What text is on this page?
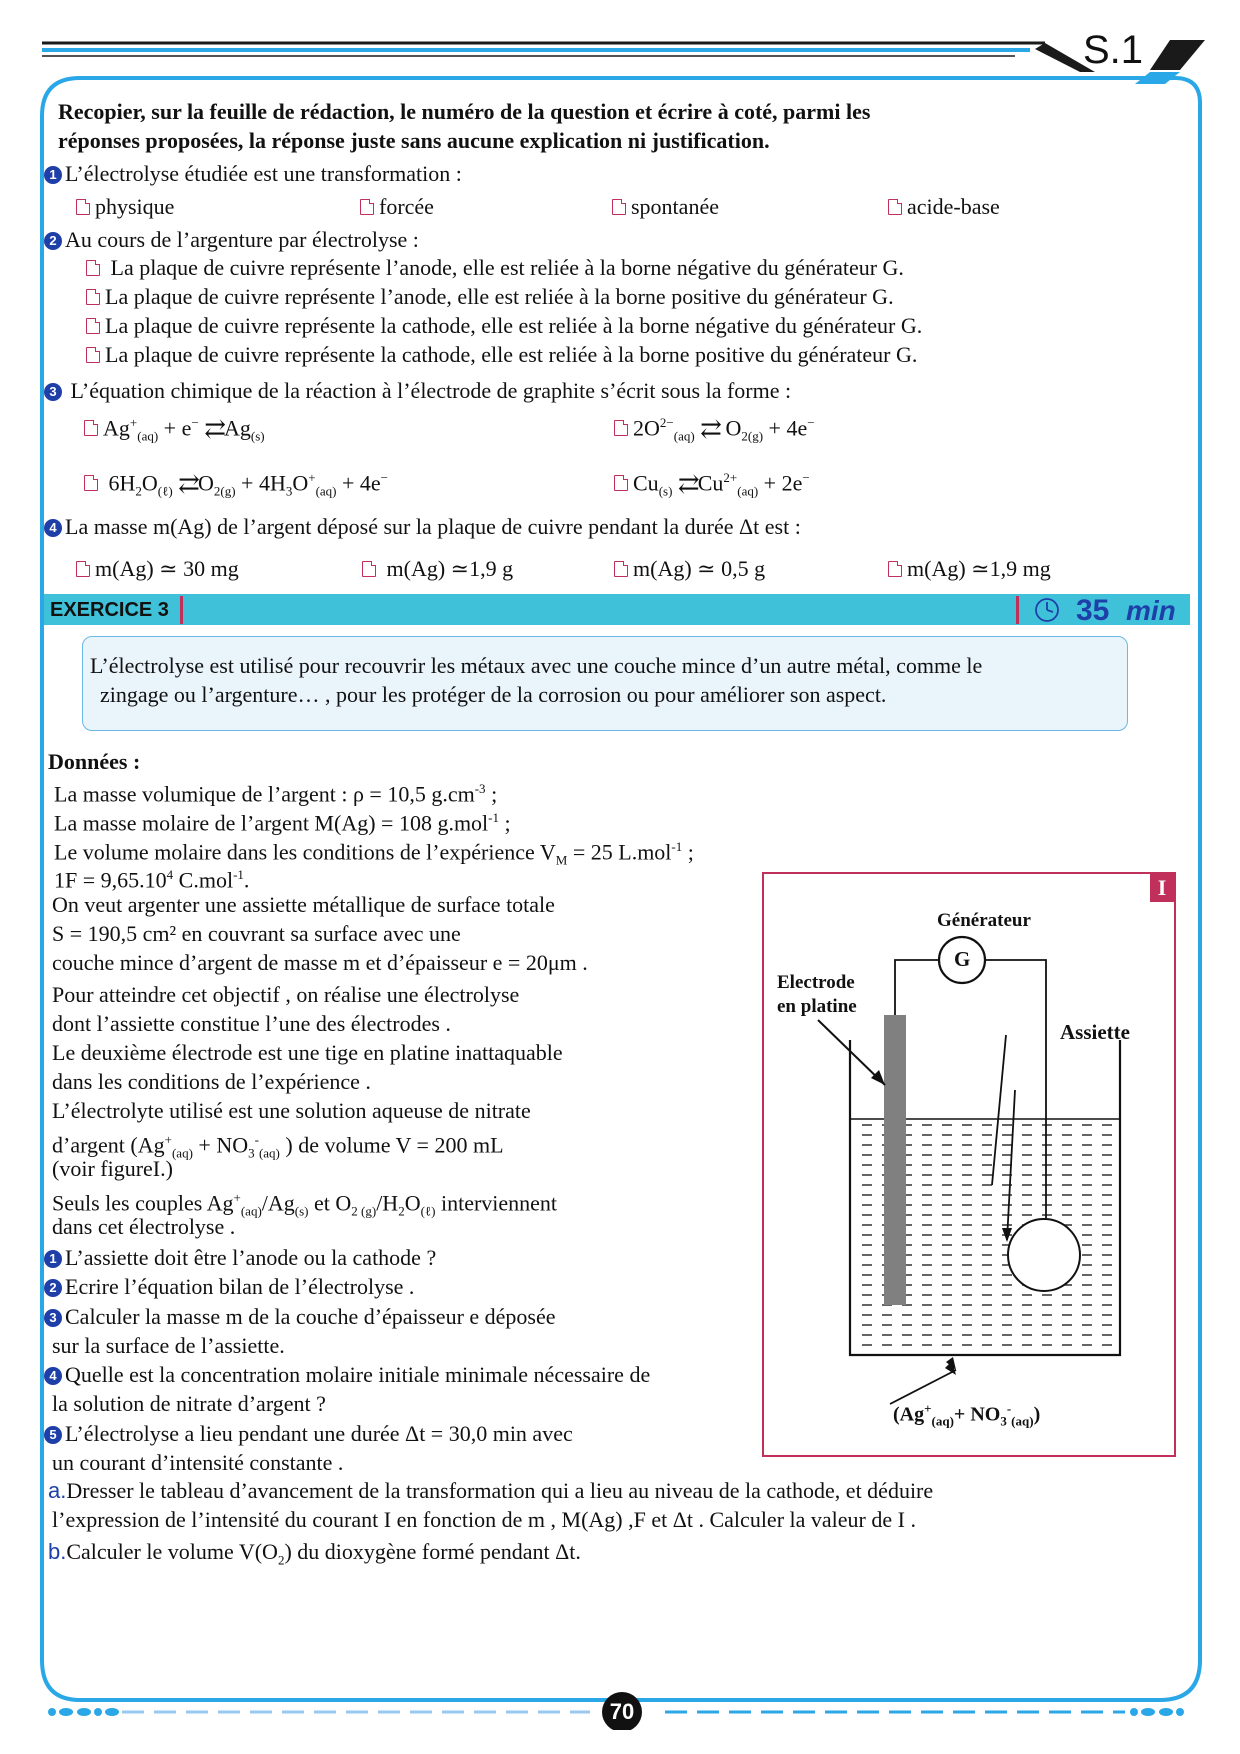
S.1
Recopier, sur la feuille de rédaction, le numéro de la question et écrire à coté, parmi les
réponses proposées, la réponse juste sans aucune explication ni justification.
1 L’électrolyse étudiée est une transformation :
physique	forcée	spontanée	acide-base
2 Au cours de l’argenture par électrolyse :
La plaque de cuivre représente l’anode, elle est reliée à la borne négative du générateur G.
La plaque de cuivre représente l’anode, elle est reliée à la borne positive du générateur G.
La plaque de cuivre représente la cathode, elle est reliée à la borne négative du générateur G.
La plaque de cuivre représente la cathode, elle est reliée à la borne positive du générateur G.
3 L’équation chimique de la réaction à l’électrode de graphite s’écrit sous la forme :
$Ag^+_{(aq)} + e^-$ $⇄Ag_{(s)}$	$2O^{2-}_{(aq)}$ ⇄ $O_{2(g)} + 4e^-$
$6H_2O_{(\ell)}$ $⇄O_{2(g)} + 4H_3O^+_{(aq)} + 4e^-$	$Cu_{(s)}$ $⇄Cu^{2+}_{(aq)} + 2e^-$
4 La masse m(Ag) de l’argent déposé sur la plaque de cuivre pendant la durée Δt est :
m(Ag) ≃ 30 mg	m(Ag) ≃1,9 g	m(Ag) ≃ 0,5 g	m(Ag) ≃1,9 mg
EXERCICE 3	35 min
L’électrolyse est utilisé pour recouvrir les métaux avec une couche mince d’un autre métal, comme le
zingage ou l’argenture… , pour les protéger de la corrosion ou pour améliorer son aspect.
Données :
La masse volumique de l’argent : ρ = 10,5 $g.cm^{-3}$ ;
La masse molaire de l’argent M(Ag) = 108 g.mol$^{-1}$ ;
Le volume molaire dans les conditions de l’expérience $V_M = 25$ L.mol$^{-1}$ ;
$1F = 9,65.10^4$ C.mol$^{-1}$.
On veut argenter une assiette métallique de surface totale
S = 190,5 cm² en couvrant sa surface avec une
couche mince d’argent de masse m et d’épaisseur e = 20μm .
Pour atteindre cet objectif , on réalise une électrolyse
dont l’assiette constitue l’une des électrodes .
Le deuxième électrode est une tige en platine inattaquable
dans les conditions de l’expérience .
L’électrolyte utilisé est une solution aqueuse de nitrate
d’argent ($Ag^+_{(aq)} + NO_3^-_{(aq)}$ ) de volume V = 200 mL
(voir figureI.)
Seuls les couples $Ag^+_{(aq)}/Ag_{(s)}$ et $O_{2 (g)}/H_2O_{(\ell)}$ interviennent
dans cet électrolyse .
1 L’assiette doit être l’anode ou la cathode ?
2 Ecrire l’équation bilan de l’électrolyse .
3 Calculer la masse m de la couche d’épaisseur e déposée
sur la surface de l’assiette.
4 Quelle est la concentration molaire initiale minimale nécessaire de
la solution de nitrate d’argent ?
5 L’électrolyse a lieu pendant une durée Δt = 30,0 min avec
un courant d’intensité constante .
a.Dresser le tableau d’avancement de la transformation qui a lieu au niveau de la cathode, et déduire
l’expression de l’intensité du courant I en fonction de m , M(Ag) ,F et Δt . Calculer la valeur de I .
b.Calculer le volume $V(O_2)$ du dioxygène formé pendant Δt.
I
Générateur
G
Electrode
en platine
Assiette
$(Ag^+_{(aq)}+ NO_3^-_{(aq)})$
70
